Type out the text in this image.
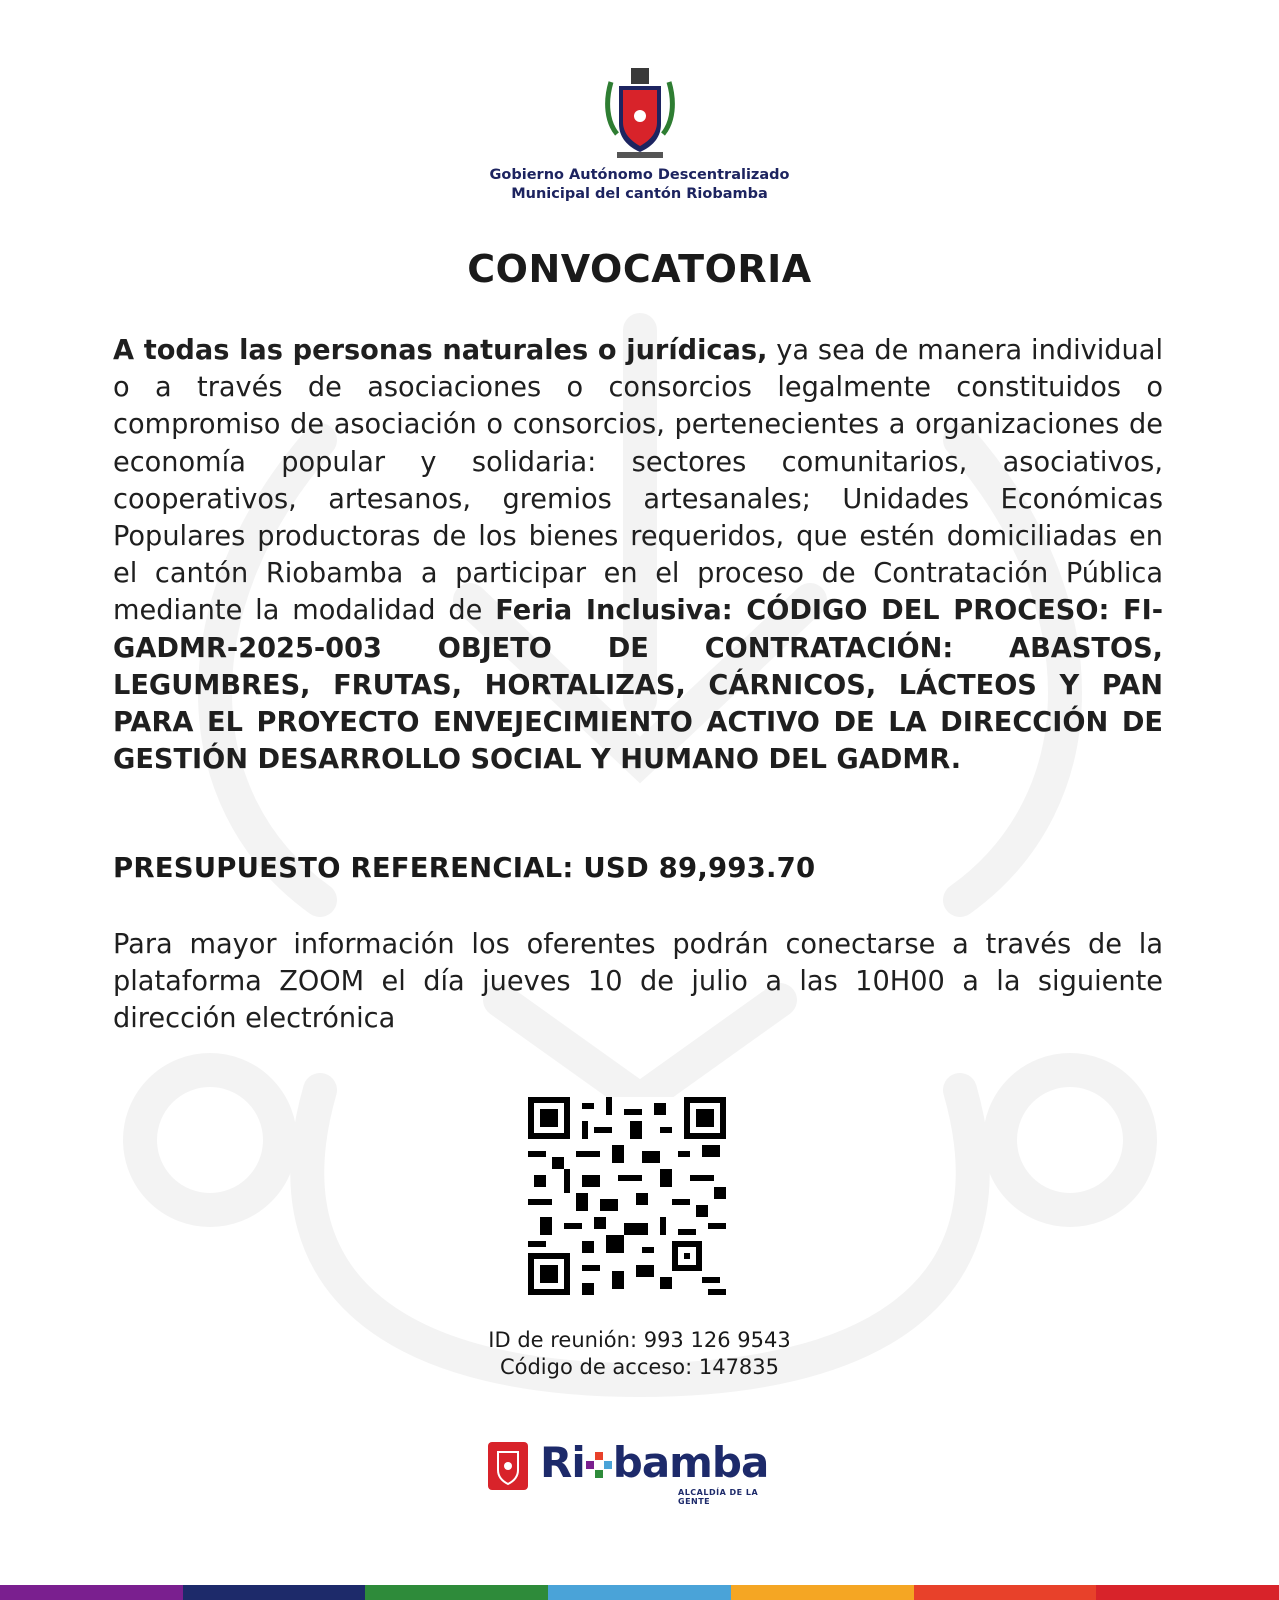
Gobierno Autónomo Descentralizado
Municipal del cantón Riobamba
CONVOCATORIA
A todas las personas naturales o jurídicas, ya sea de manera individual o a través de asociaciones o consorcios legalmente constituidos o compromiso de asociación o consorcios, pertenecientes a organizaciones de economía popular y solidaria: sectores comunitarios, asociativos, cooperativos, artesanos, gremios artesanales; Unidades Económicas Populares productoras de los bienes requeridos, que estén domiciliadas en el cantón Riobamba a participar en el proceso de Contratación Pública mediante la modalidad de Feria Inclusiva: CÓDIGO DEL PROCESO: FI-GADMR-2025-003 OBJETO DE CONTRATACIÓN: ABASTOS, LEGUMBRES, FRUTAS, HORTALIZAS, CÁRNICOS, LÁCTEOS Y PAN PARA EL PROYECTO ENVEJECIMIENTO ACTIVO DE LA DIRECCIÓN DE GESTIÓN DESARROLLO SOCIAL Y HUMANO DEL GADMR.
PRESUPUESTO REFERENCIAL: USD 89,993.70
Para mayor información los oferentes podrán conectarse a través de la plataforma ZOOM el día jueves 10 de julio a las 10H00 a la siguiente dirección electrónica
ID de reunión: 993 126 9543
Código de acceso: 147835
Ri bamba
ALCALDÍA DE LA GENTE
